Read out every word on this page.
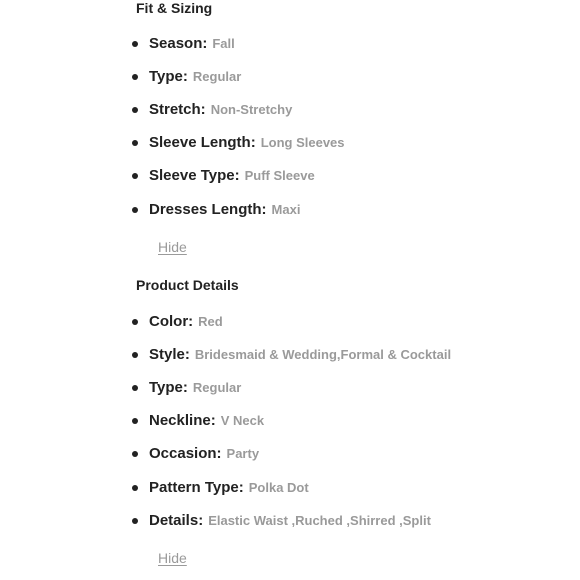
Fit & Sizing
Season: Fall
Type: Regular
Stretch: Non-Stretchy
Sleeve Length: Long Sleeves
Sleeve Type: Puff Sleeve
Dresses Length: Maxi
Hide
Product Details
Color: Red
Style: Bridesmaid & Wedding,Formal & Cocktail
Type: Regular
Neckline: V Neck
Occasion: Party
Pattern Type: Polka Dot
Details: Elastic Waist ,Ruched ,Shirred ,Split
Hide
